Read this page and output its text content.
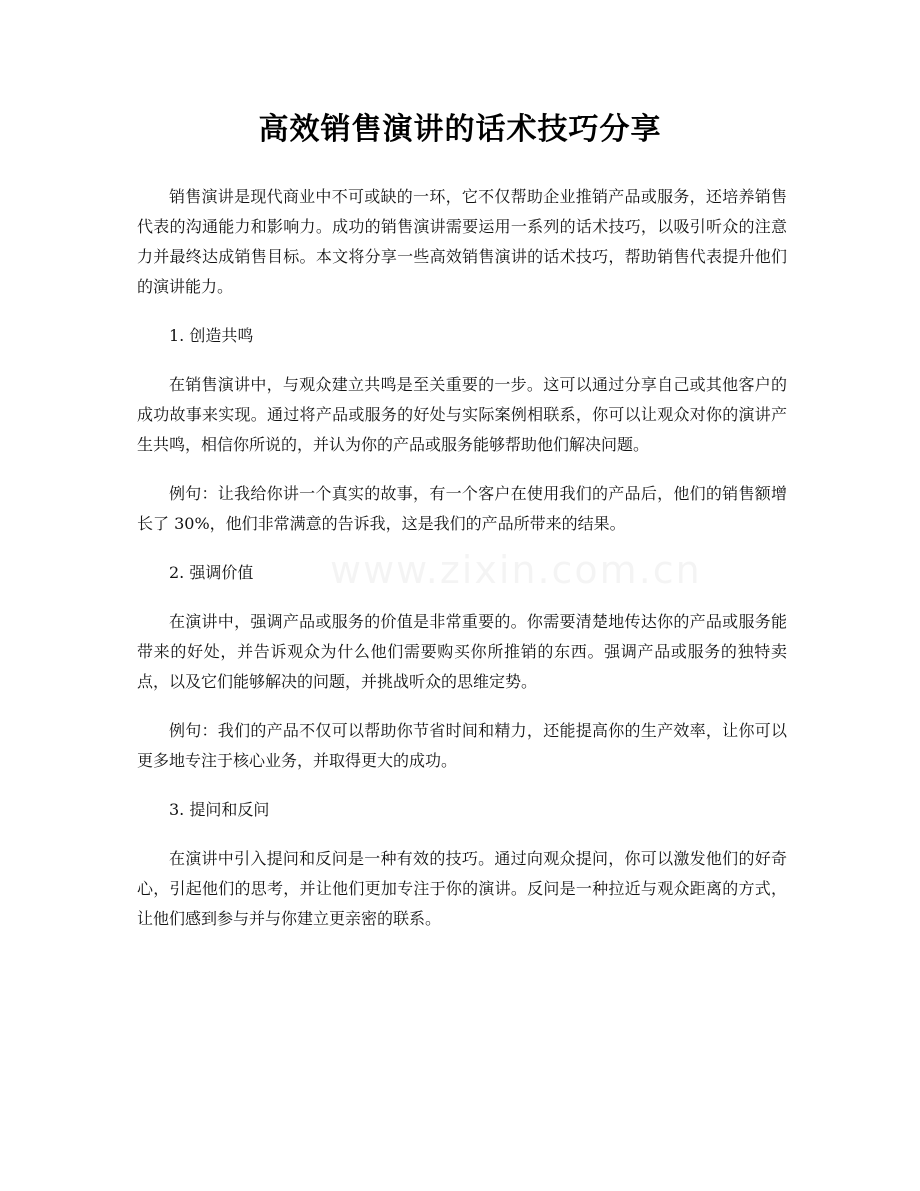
高效销售演讲的话术技巧分享

销售演讲是现代商业中不可或缺的一环，它不仅帮助企业推销产品或服务，还培养销售代表的沟通能力和影响力。成功的销售演讲需要运用一系列的话术技巧，以吸引听众的注意力并最终达成销售目标。本文将分享一些高效销售演讲的话术技巧，帮助销售代表提升他们的演讲能力。

1. 创造共鸣

在销售演讲中，与观众建立共鸣是至关重要的一步。这可以通过分享自己或其他客户的成功故事来实现。通过将产品或服务的好处与实际案例相联系，你可以让观众对你的演讲产生共鸣，相信你所说的，并认为你的产品或服务能够帮助他们解决问题。

例句：让我给你讲一个真实的故事，有一个客户在使用我们的产品后，他们的销售额增长了 30%，他们非常满意的告诉我，这是我们的产品所带来的结果。

2. 强调价值

在演讲中，强调产品或服务的价值是非常重要的。你需要清楚地传达你的产品或服务能带来的好处，并告诉观众为什么他们需要购买你所推销的东西。强调产品或服务的独特卖点，以及它们能够解决的问题，并挑战听众的思维定势。

例句：我们的产品不仅可以帮助你节省时间和精力，还能提高你的生产效率，让你可以更多地专注于核心业务，并取得更大的成功。

3. 提问和反问

在演讲中引入提问和反问是一种有效的技巧。通过向观众提问，你可以激发他们的好奇心，引起他们的思考，并让他们更加专注于你的演讲。反问是一种拉近与观众距离的方式，让他们感到参与并与你建立更亲密的联系。
